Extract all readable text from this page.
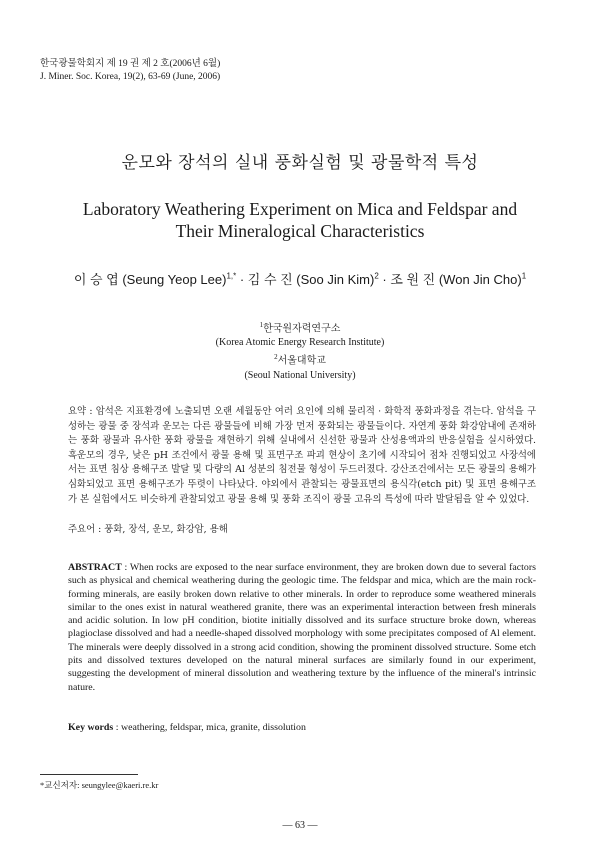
한국광물학회지 제 19 권 제 2 호(2006년 6월)
J. Miner. Soc. Korea, 19(2), 63-69 (June, 2006)
운모와 장석의 실내 풍화실험 및 광물학적 특성
Laboratory Weathering Experiment on Mica and Feldspar and
Their Mineralogical Characteristics
이 승 엽 (Seung Yeop Lee)$^{1,*}$ · 김 수 진 (Soo Jin Kim)$^2$ · 조 원 진 (Won Jin Cho)$^1$
$^1$한국원자력연구소
(Korea Atomic Energy Research Institute)
$^2$서울대학교
(Seoul National University)
요약 : 암석은 지표환경에 노출되면 오랜 세월동안 여러 요인에 의해 물리적 · 화학적 풍화과정을 겪는다. 암석을 구성하는 광물 중 장석과 운모는 다른 광물들에 비해 가장 먼저 풍화되는 광물들이다. 자연계 풍화 화강암내에 존재하는 풍화 광물과 유사한 풍화 광물을 재현하기 위해 실내에서 신선한 광물과 산성용액과의 반응실험을 실시하였다. 흑운모의 경우, 낮은 pH 조건에서 광물 용해 및 표면구조 파괴 현상이 초기에 시작되어 점차 진행되었고 사장석에서는 표면 침상 용해구조 발달 및 다량의 Al 성분의 침전물 형성이 두드러졌다. 강산조건에서는 모든 광물의 용해가 심화되었고 표면 용해구조가 뚜렷이 나타났다. 야외에서 관찰되는 광물표면의 용식각(etch pit) 및 표면 용해구조가 본 실험에서도 비슷하게 관찰되었고 광물 용해 및 풍화 조직이 광물 고유의 특성에 따라 발달됨을 알 수 있었다.
주요어 : 풍화, 장석, 운모, 화강암, 용해
ABSTRACT : When rocks are exposed to the near surface environment, they are broken down due to several factors such as physical and chemical weathering during the geologic time. The feldspar and mica, which are the main rock-forming minerals, are easily broken down relative to other minerals. In order to reproduce some weathered minerals similar to the ones exist in natural weathered granite, there was an experimental interaction between fresh minerals and acidic solution. In low pH condition, biotite initially dissolved and its surface structure broke down, whereas plagioclase dissolved and had a needle-shaped dissolved morphology with some precipitates composed of Al element. The minerals were deeply dissolved in a strong acid condition, showing the prominent dissolved structure. Some etch pits and dissolved textures developed on the natural mineral surfaces are similarly found in our experiment, suggesting the development of mineral dissolution and weathering texture by the influence of the mineral's intrinsic nature.
Key words : weathering, feldspar, mica, granite, dissolution
*교신저자: seungylee@kaeri.re.kr
— 63 —
